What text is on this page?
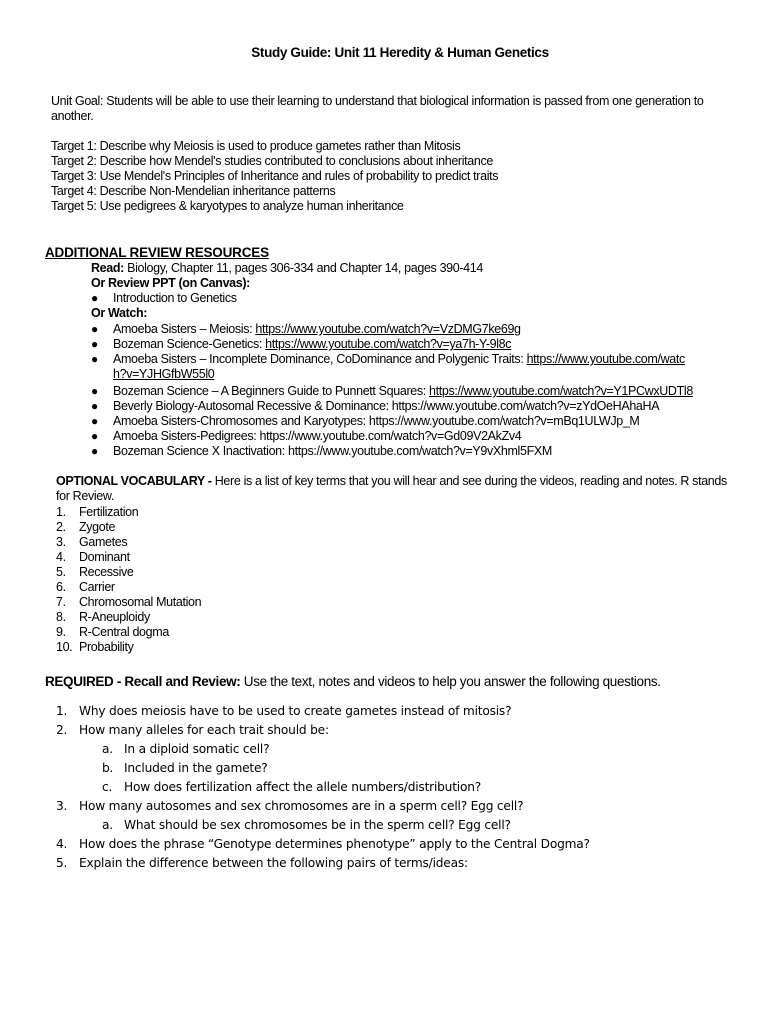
Study Guide: Unit 11 Heredity & Human Genetics
Unit Goal: Students will be able to use their learning to understand that biological information is passed from one generation to another.
Target 1: Describe why Meiosis is used to produce gametes rather than Mitosis
Target 2: Describe how Mendel's studies contributed to conclusions about inheritance
Target 3: Use Mendel's Principles of Inheritance and rules of probability to predict traits
Target 4: Describe Non-Mendelian inheritance patterns
Target 5: Use pedigrees & karyotypes to analyze human inheritance
ADDITIONAL REVIEW RESOURCES
Read: Biology, Chapter 11, pages 306-334 and Chapter 14, pages 390-414
Or Review PPT (on Canvas):
● Introduction to Genetics
Or Watch:
● Amoeba Sisters – Meiosis: https://www.youtube.com/watch?v=VzDMG7ke69g
● Bozeman Science-Genetics: https://www.youtube.com/watch?v=ya7h-Y-9l8c
● Amoeba Sisters – Incomplete Dominance, CoDominance and Polygenic Traits: https://www.youtube.com/watch?v=YJHGfbW55l0
● Bozeman Science – A Beginners Guide to Punnett Squares: https://www.youtube.com/watch?v=Y1PCwxUDTl8
● Beverly Biology-Autosomal Recessive & Dominance: https://www.youtube.com/watch?v=zYdOeHAhaHA
● Amoeba Sisters-Chromosomes and Karyotypes: https://www.youtube.com/watch?v=mBq1ULWJp_M
● Amoeba Sisters-Pedigrees: https://www.youtube.com/watch?v=Gd09V2AkZv4
● Bozeman Science X Inactivation: https://www.youtube.com/watch?v=Y9vXhml5FXM
OPTIONAL VOCABULARY - Here is a list of key terms that you will hear and see during the videos, reading and notes. R stands for Review.
1. Fertilization
2. Zygote
3. Gametes
4. Dominant
5. Recessive
6. Carrier
7. Chromosomal Mutation
8. R-Aneuploidy
9. R-Central dogma
10. Probability
REQUIRED - Recall and Review: Use the text, notes and videos to help you answer the following questions.
1. Why does meiosis have to be used to create gametes instead of mitosis?
2. How many alleles for each trait should be:
a. In a diploid somatic cell?
b. Included in the gamete?
c. How does fertilization affect the allele numbers/distribution?
3. How many autosomes and sex chromosomes are in a sperm cell? Egg cell?
a. What should be sex chromosomes be in the sperm cell? Egg cell?
4. How does the phrase “Genotype determines phenotype” apply to the Central Dogma?
5. Explain the difference between the following pairs of terms/ideas:
